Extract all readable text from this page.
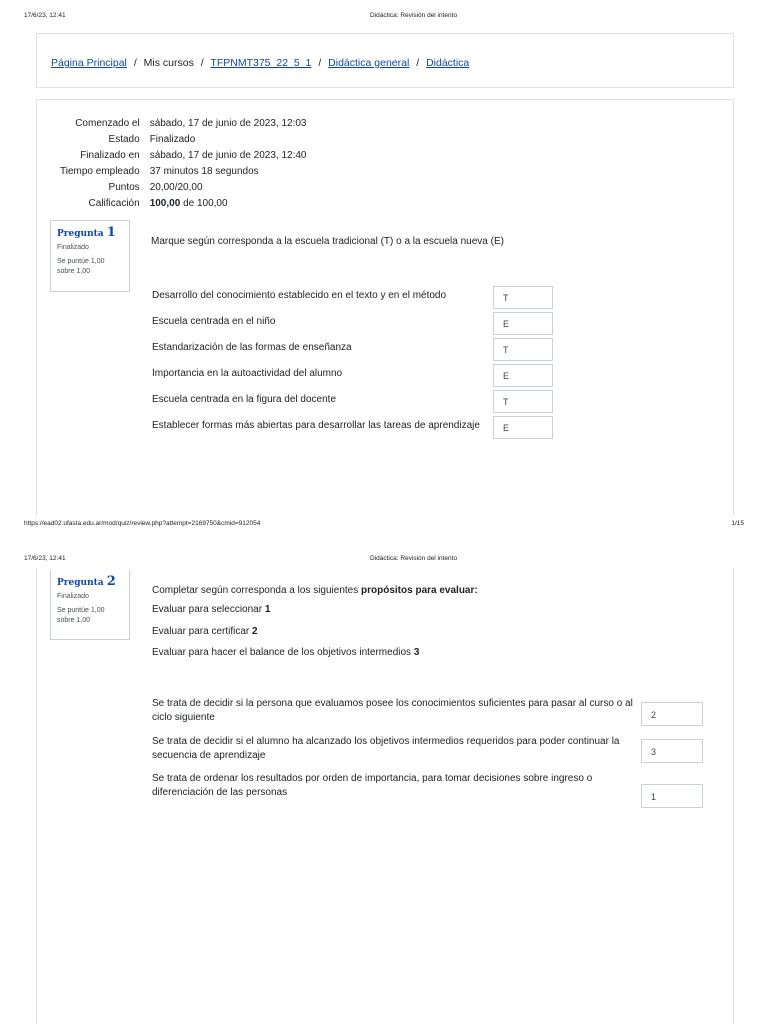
17/6/23, 12:41	Didáctica: Revisión del intento
Página Principal / Mis cursos / TFPNMT375_22_5_1 / Didáctica general / Didáctica
Comenzado el	sábado, 17 de junio de 2023, 12:03
Estado	Finalizado
Finalizado en	sábado, 17 de junio de 2023, 12:40
Tiempo empleado	37 minutos 18 segundos
Puntos	20,00/20,00
Calificación	100,00 de 100,00
Pregunta 1
Finalizado
Se puntúe 1,00
sobre 1,00
Marque según corresponda a la escuela tradicional (T) o a la escuela nueva (E)
Desarrollo del conocimiento establecido en el texto y en el método	T
Escuela centrada en el niño	E
Estandarización de las formas de enseñanza	T
Importancia en la autoactividad del alumno	E
Escuela centrada en la figura del docente	T
Establecer formas más abiertas para desarrollar las tareas de aprendizaje	E
https://ead02.ufasta.edu.ar/mod/quiz/review.php?attempt=2169750&cmid=912054	1/15
17/6/23, 12:41	Didáctica: Revisión del intento
Pregunta 2
Finalizado
Se puntúe 1,00
sobre 1,00
Completar según corresponda a los siguientes propósitos para evaluar:
Evaluar para seleccionar 1
Evaluar para certificar 2
Evaluar para hacer el balance de los objetivos intermedios 3
Se trata de decidir si la persona que evaluamos posee los conocimientos suficientes para pasar al curso o al ciclo siguiente	2
Se trata de decidir si el alumno ha alcanzado los objetivos intermedios requeridos para poder continuar la secuencia de aprendizaje	3
Se trata de ordenar los resultados por orden de importancia, para tomar decisiones sobre ingreso o diferenciación de las personas	1
